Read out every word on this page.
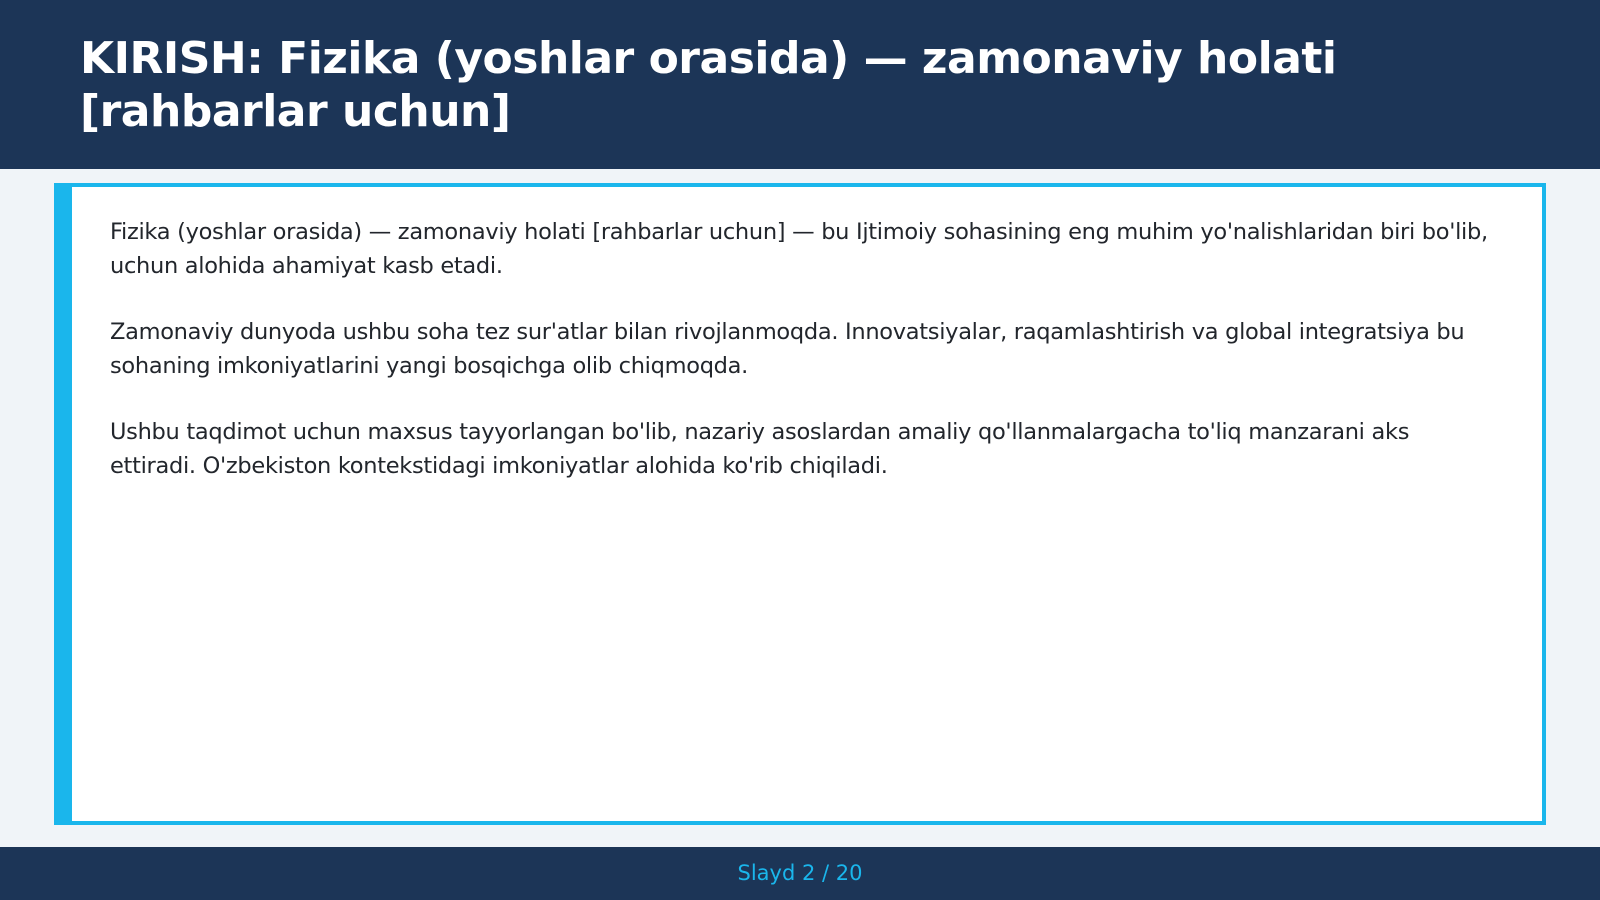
KIRISH: Fizika (yoshlar orasida) — zamonaviy holati [rahbarlar uchun]

Fizika (yoshlar orasida) — zamonaviy holati [rahbarlar uchun] — bu Ijtimoiy sohasining eng muhim yo'nalishlaridan biri bo'lib, uchun alohida ahamiyat kasb etadi.

Zamonaviy dunyoda ushbu soha tez sur'atlar bilan rivojlanmoqda. Innovatsiyalar, raqamlashtirish va global integratsiya bu sohaning imkoniyatlarini yangi bosqichga olib chiqmoqda.

Ushbu taqdimot uchun maxsus tayyorlangan bo'lib, nazariy asoslardan amaliy qo'llanmalargacha to'liq manzarani aks ettiradi. O'zbekiston kontekstidagi imkoniyatlar alohida ko'rib chiqiladi.

Slayd 2 / 20
